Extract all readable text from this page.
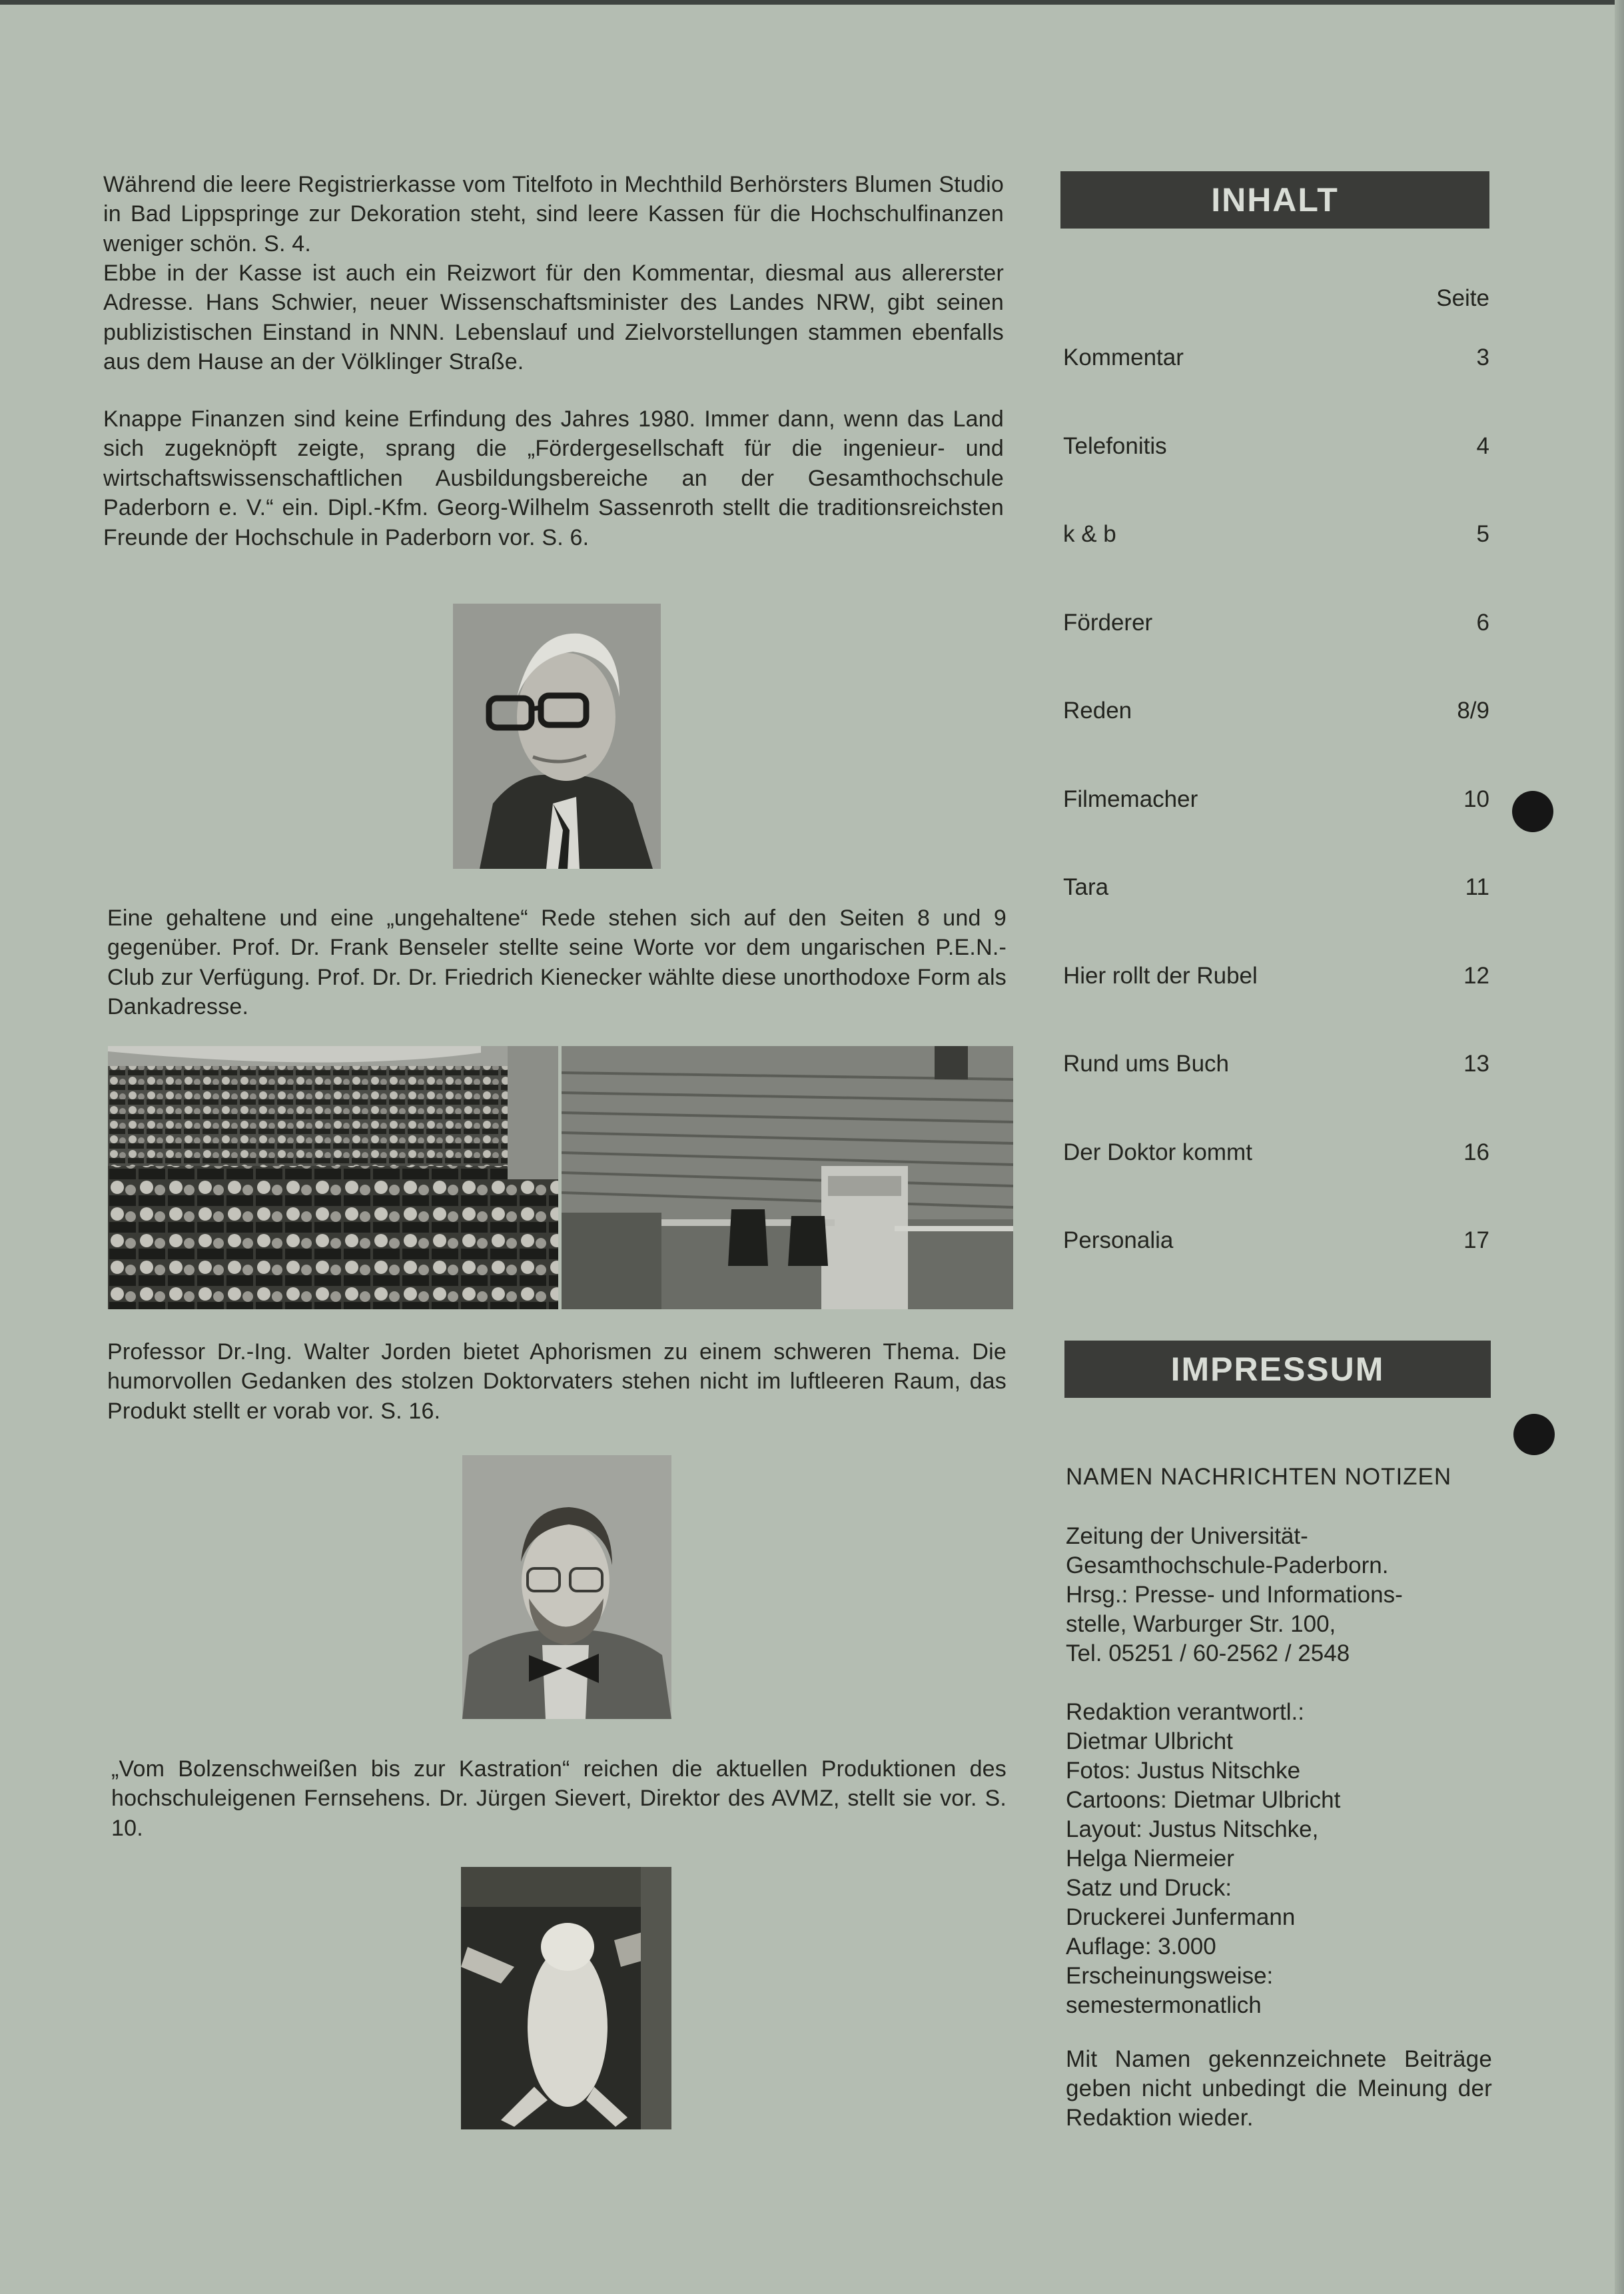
Während die leere Registrierkasse vom Titelfoto in Mechthild Berhörsters Blumen Studio in Bad Lippspringe zur Dekoration steht, sind leere Kassen für die Hochschulfinanzen weniger schön. S. 4.

Ebbe in der Kasse ist auch ein Reizwort für den Kommentar, diesmal aus allererster Adresse. Hans Schwier, neuer Wissenschaftsminister des Landes NRW, gibt seinen publizistischen Einstand in NNN. Lebenslauf und Zielvorstellungen stammen ebenfalls aus dem Hause an der Völklinger Straße.

Knappe Finanzen sind keine Erfindung des Jahres 1980. Immer dann, wenn das Land sich zugeknöpft zeigte, sprang die „Fördergesellschaft für die ingenieur- und wirtschaftswissenschaftlichen Ausbildungsbereiche an der Gesamthochschule Paderborn e. V.“ ein. Dipl.-Kfm. Georg-Wilhelm Sassenroth stellt die traditionsreichsten Freunde der Hochschule in Paderborn vor. S. 6.

Eine gehaltene und eine „ungehaltene“ Rede stehen sich auf den Seiten 8 und 9 gegenüber. Prof. Dr. Frank Benseler stellte seine Worte vor dem ungarischen P.E.N.-Club zur Verfügung. Prof. Dr. Dr. Friedrich Kienecker wählte diese unorthodoxe Form als Dankadresse.

Professor Dr.-Ing. Walter Jorden bietet Aphorismen zu einem schweren Thema. Die humorvollen Gedanken des stolzen Doktorvaters stehen nicht im luftleeren Raum, das Produkt stellt er vorab vor. S. 16.

„Vom Bolzenschweißen bis zur Kastration“ reichen die aktuellen Produktionen des hochschuleigenen Fernsehens. Dr. Jürgen Sievert, Direktor des AVMZ, stellt sie vor. S. 10.

INHALT
Seite
Kommentar	3
Telefonitis	4
k & b	5
Förderer	6
Reden	8/9
Filmemacher	10
Tara	11
Hier rollt der Rubel	12
Rund ums Buch	13
Der Doktor kommt	16
Personalia	17
IMPRESSUM
NAMEN NACHRICHTEN NOTIZEN
Zeitung der Universität-
Gesamthochschule-Paderborn.
Hrsg.: Presse- und Informations-
stelle, Warburger Str. 100,
Tel. 05251 / 60-2562 / 2548
Redaktion verantwortl.:
Dietmar Ulbricht
Fotos: Justus Nitschke
Cartoons: Dietmar Ulbricht
Layout: Justus Nitschke,
Helga Niermeier
Satz und Druck:
Druckerei Junfermann
Auflage: 3.000
Erscheinungsweise:
semestermonatlich

Mit Namen gekennzeichnete Beiträge geben nicht unbedingt die Meinung der Redaktion wieder.
